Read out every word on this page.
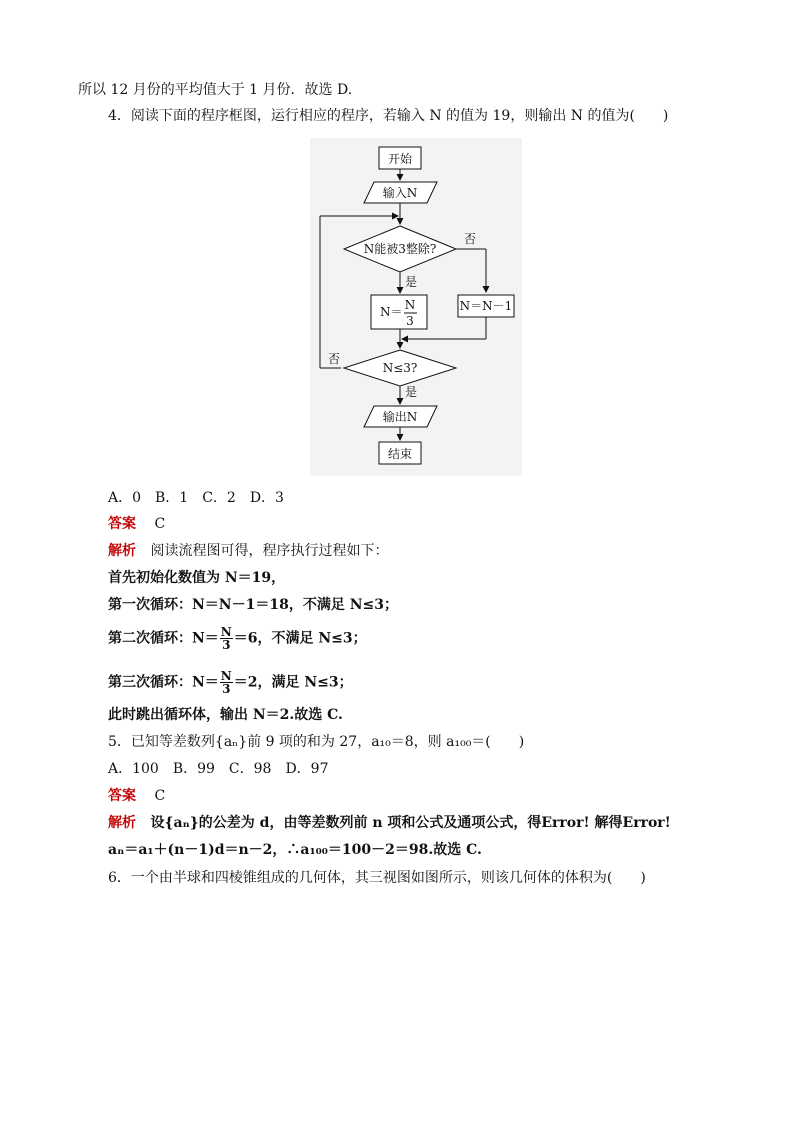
所以 12 月份的平均值大于 1 月份．故选 D.
4．阅读下面的程序框图，运行相应的程序，若输入 N 的值为 19，则输出 N 的值为(　　)
开始
输入N
N能被3整除?
否
是
N＝ N
3
N＝N－1
N≤3?
否
是
输出N
结束
A．0　B．1　C．2　D．3
答案 C
解析 阅读流程图可得，程序执行过程如下：
首先初始化数值为 N＝19，
第一次循环：N＝N－1＝18，不满足 N≤3；
第二次循环：$N= \frac{N}{3} =6$，不满足 N≤3；
第三次循环：$N= \frac{N}{3} =2$，满足 N≤3；
此时跳出循环体，输出 N＝2.故选 C.
5．已知等差数列{aₙ}前 9 项的和为 27，a₁₀＝8，则 a₁₀₀＝(　　)
A．100　B．99　C．98　D．97
答案 C
解析 设{aₙ}的公差为 d，由等差数列前 n 项和公式及通项公式，得Error! 解得Error!
aₙ＝a₁＋(n－1)d＝n－2，∴a₁₀₀＝100－2＝98.故选 C.
6．一个由半球和四棱锥组成的几何体，其三视图如图所示，则该几何体的体积为(　　)
